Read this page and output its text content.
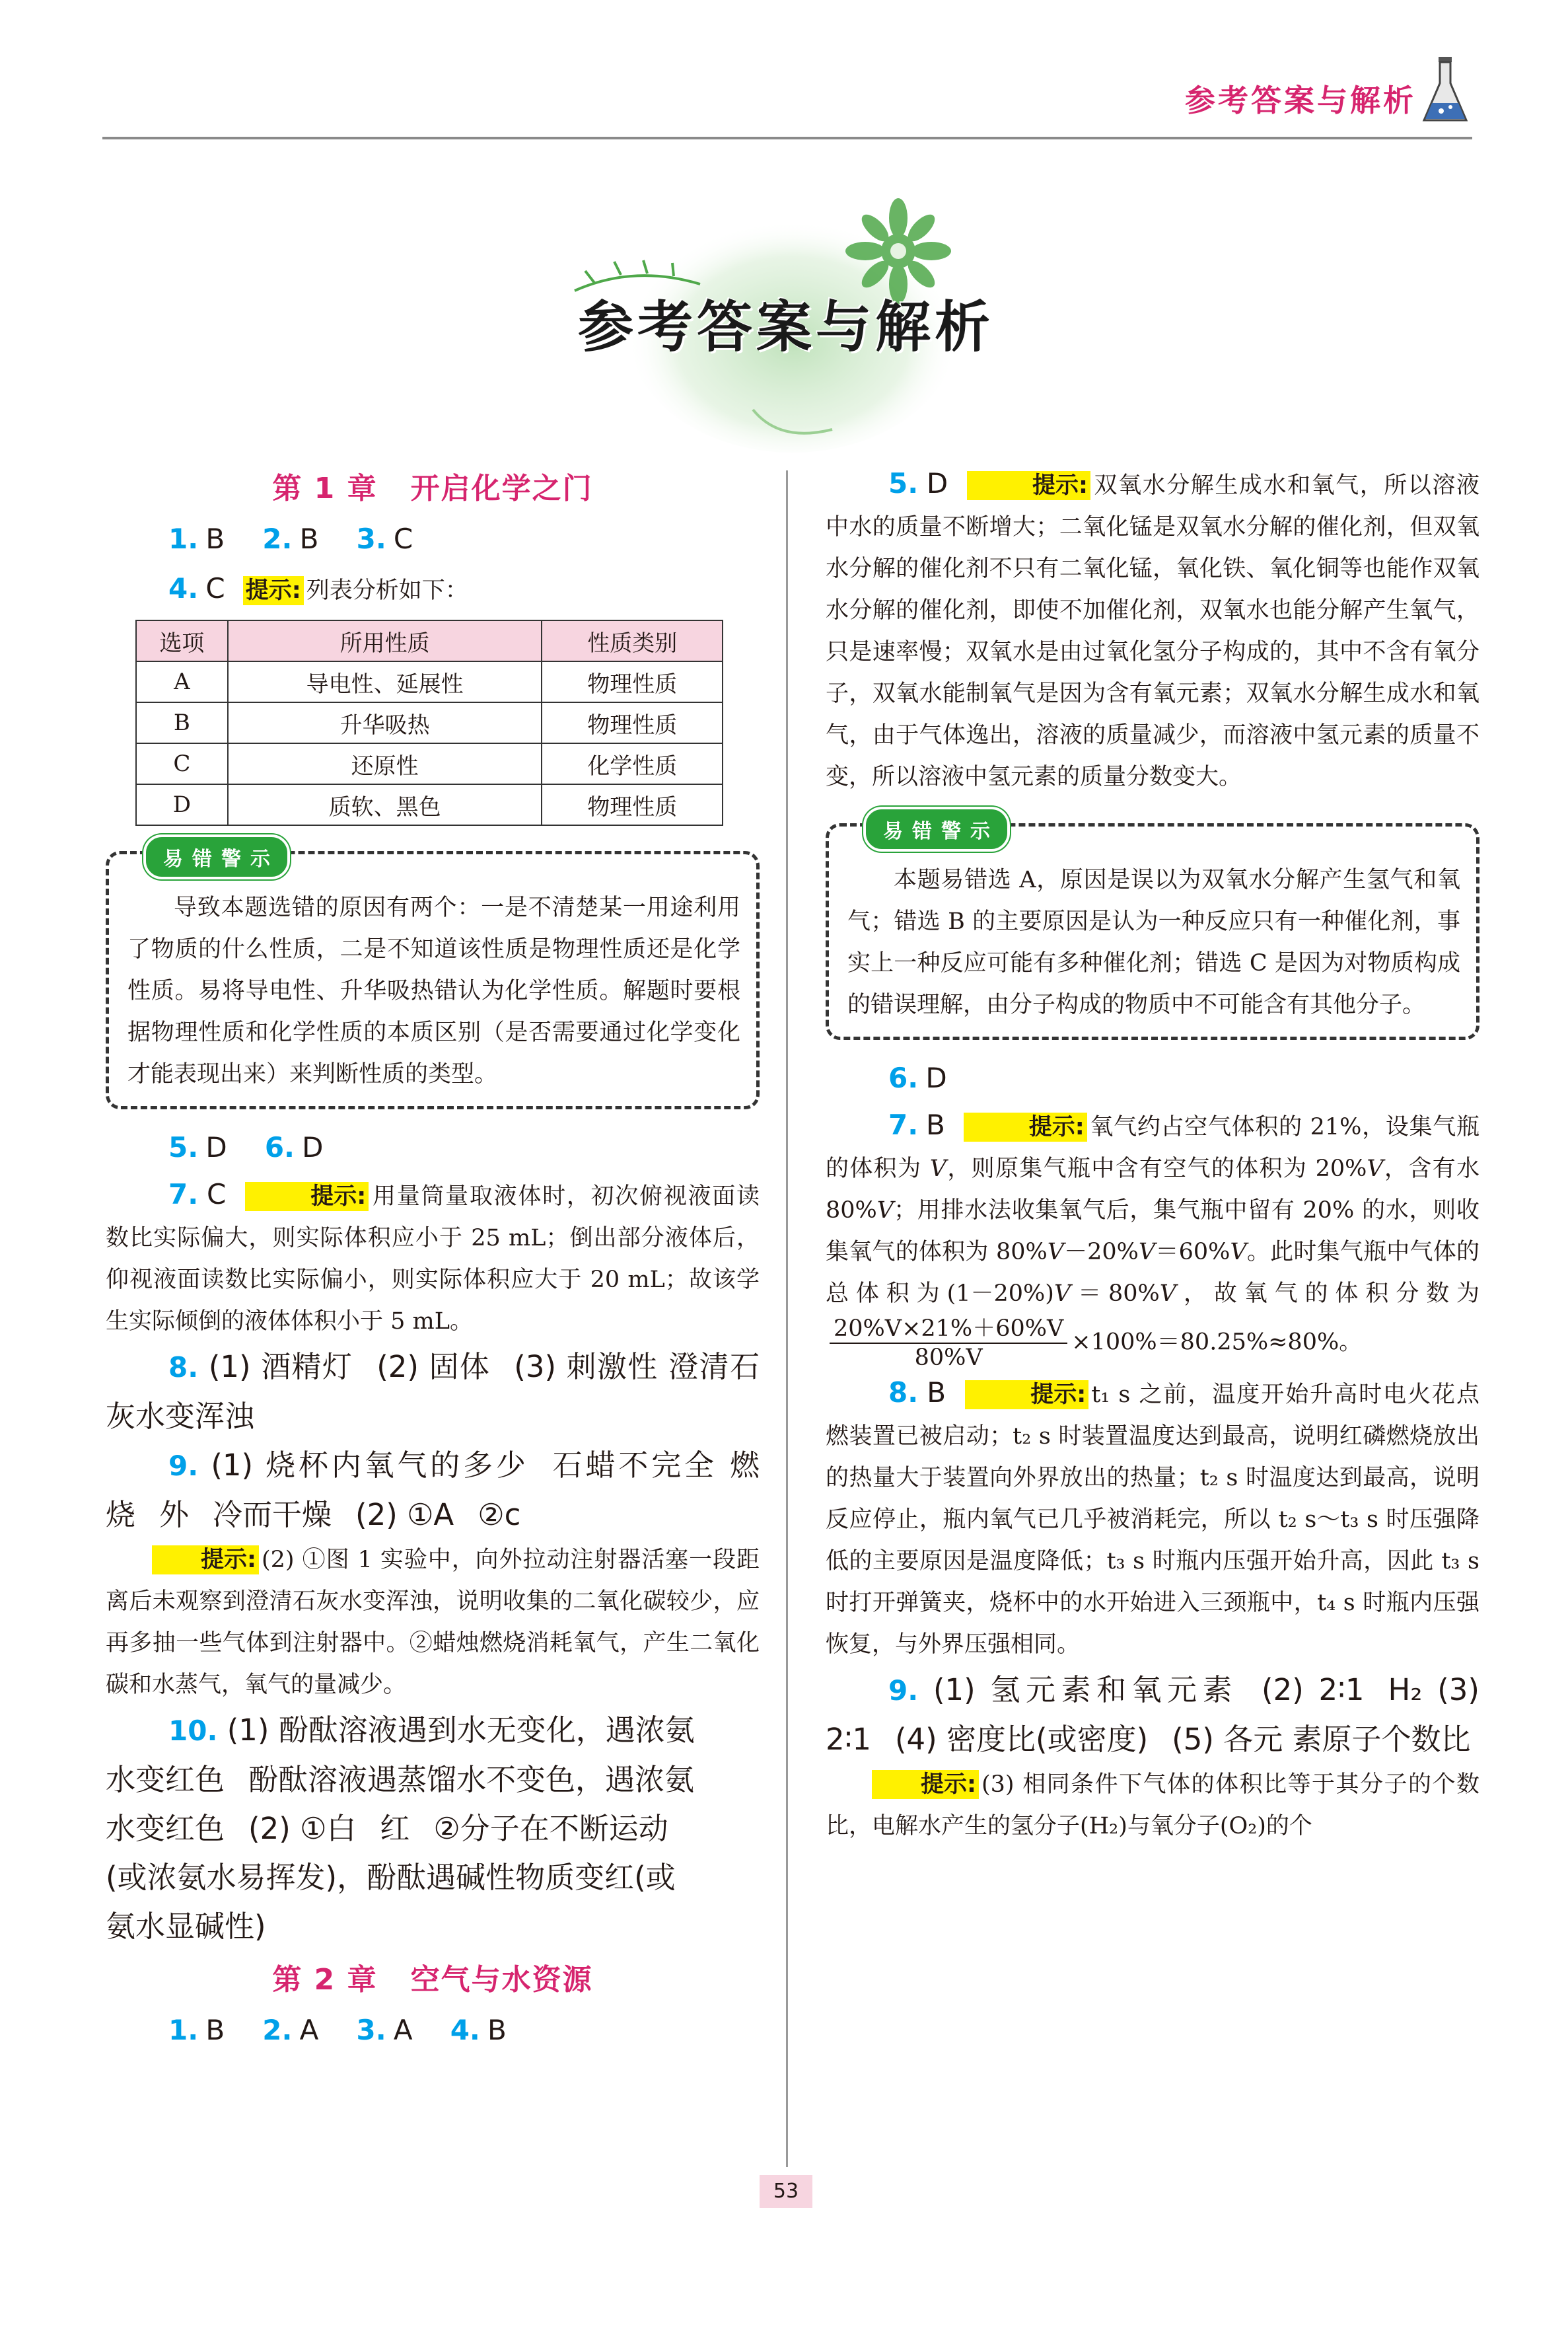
参考答案与解析
参考答案与解析
第 1 章 开启化学之门
1. B 2. B 3. C
4. C 提示: 列表分析如下：
选项	所用性质	性质类别
A	导电性、延展性	物理性质
B	升华吸热	物理性质
C	还原性	化学性质
D	质软、黑色	物理性质
易错警示

导致本题选错的原因有两个：一是不清楚某一用途利用了物质的什么性质，二是不知道该性质是物理性质还是化学性质。易将导电性、升华吸热错认为化学性质。解题时要根据物理性质和化学性质的本质区别（是否需要通过化学变化才能表现出来）来判断性质的类型。

5. D 6. D
7. C	提示: 用量筒量取液体时，初次俯视液面读数比实际偏大，则实际体积应小于 25 mL；倒出部分液体后，仰视液面读数比实际偏小，则实际体积应大于 20 mL；故该学生实际倾倒的液体体积小于 5 mL。
8. (1) 酒精灯 (2) 固体 (3) 刺激性 澄清石灰水变浑浊
9. (1) 烧杯内氧气的多少 石蜡不完全 燃烧 外 冷而干燥 (2) ①A ②c
提示: (2) ①图 1 实验中，向外拉动注射器活塞一段距离后未观察到澄清石灰水变浑浊，说明收集的二氧化碳较少，应再多抽一些气体到注射器中。②蜡烛燃烧消耗氧气，产生二氧化碳和水蒸气，氧气的量减少。
10. (1) 酚酞溶液遇到水无变化，遇浓氨
水变红色 酚酞溶液遇蒸馏水不变色，遇浓氨
水变红色 (2) ①白 红 ②分子在不断运动
(或浓氨水易挥发)，酚酞遇碱性物质变红(或
氨水显碱性)
第 2 章 空气与水资源
1. B 2. A 3. A 4. B
5. D	提示: 双氧水分解生成水和氧气，所以溶液中水的质量不断增大；二氧化锰是双氧水分解的催化剂，但双氧水分解的催化剂不只有二氧化锰，氧化铁、氧化铜等也能作双氧水分解的催化剂，即使不加催化剂，双氧水也能分解产生氧气，只是速率慢；双氧水是由过氧化氢分子构成的，其中不含有氧分子，双氧水能制氧气是因为含有氧元素；双氧水分解生成水和氧气，由于气体逸出，溶液的质量减少，而溶液中氢元素的质量不变，所以溶液中氢元素的质量分数变大。
易错警示

本题易错选 A，原因是误以为双氧水分解产生氢气和氧气；错选 B 的主要原因是认为一种反应只有一种催化剂，事实上一种反应可能有多种催化剂；错选 C 是因为对物质构成的错误理解，由分子构成的物质中不可能含有其他分子。

6. D
7. B	提示: 氧气约占空气体积的 21%，设集气瓶的体积为 V，则原集气瓶中含有空气的体积为 20%V，含有水 80%V；用排水法收集氧气后，集气瓶中留有 20% 的水，则收集氧气的体积为 80%V－20%V＝60%V。此时集气瓶中气体的总体积为(1－20%)V＝80%V，故氧气的体积分数为
$\frac{20\%V\times 21\%+60\%V}{80\%V} \times 100\%=80.25\%\approx 80\%$。
8. B	提示: t₁ s 之前，温度开始升高时电火花点燃装置已被启动；t₂ s 时装置温度达到最高，说明红磷燃烧放出的热量大于装置向外界放出的热量；t₂ s 时温度达到最高，说明反应停止，瓶内氧气已几乎被消耗完，所以 t₂ s～t₃ s 时压强降低的主要原因是温度降低；t₃ s 时瓶内压强开始升高，因此 t₃ s 时打开弹簧夹，烧杯中的水开始进入三颈瓶中，t₄ s 时瓶内压强恢复，与外界压强相同。
9. (1) 氢元素和氧元素 (2) 2∶1 H₂ (3) 2∶1 (4) 密度比(或密度) (5) 各元 素原子个数比
提示: (3) 相同条件下气体的体积比等于其分子的个数比，电解水产生的氢分子(H₂)与氧分子(O₂)的个
53
